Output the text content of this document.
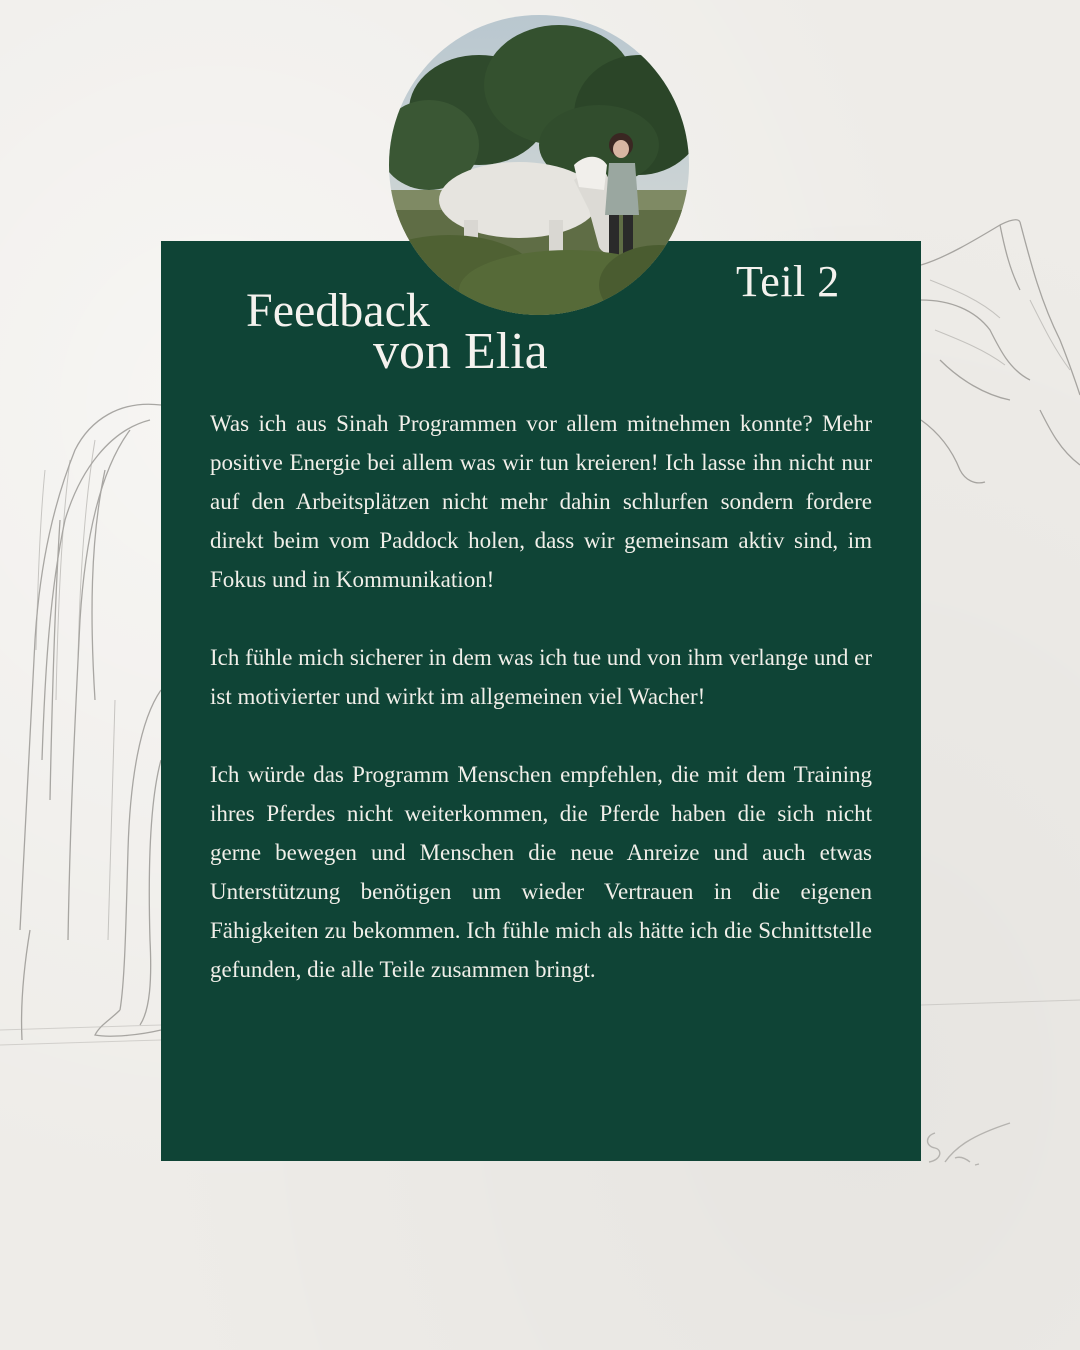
Teil 2
Feedback
von Elia

Was ich aus Sinah Programmen vor allem mitnehmen konnte? Mehr positive Energie bei allem was wir tun kreieren! Ich lasse ihn nicht nur auf den Arbeitsplätzen nicht mehr dahin schlurfen sondern fordere direkt beim vom Paddock holen, dass wir gemeinsam aktiv sind, im Fokus und in Kommunikation!

Ich fühle mich sicherer in dem was ich tue und von ihm verlange und er ist motivierter und wirkt im allgemeinen viel Wacher!

Ich würde das Programm Menschen empfehlen, die mit dem Training ihres Pferdes nicht weiterkommen, die Pferde haben die sich nicht gerne bewegen und Menschen die neue Anreize und auch etwas Unterstützung benötigen um wieder Vertrauen in die eigenen Fähigkeiten zu bekommen. Ich fühle mich als hätte ich die Schnittstelle gefunden, die alle Teile zusammen bringt.
